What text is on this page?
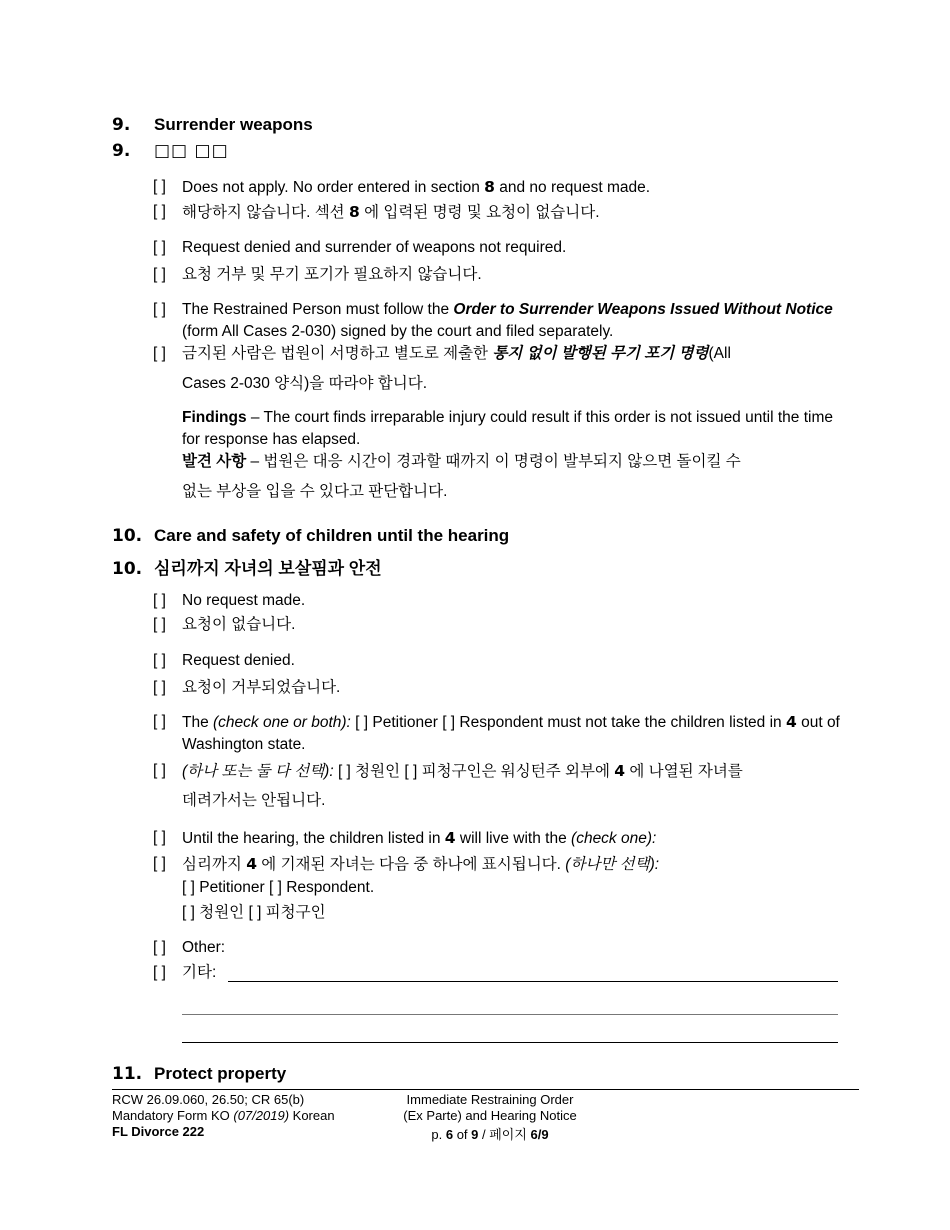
9. Surrender weapons
9. □□ □□
[ ] Does not apply. No order entered in section 8 and no request made.
[ ] 해당하지 않습니다. 섹션 8 에 입력된 명령 및 요청이 없습니다.
[ ] Request denied and surrender of weapons not required.
[ ] 요청 거부 및 무기 포기가 필요하지 않습니다.
[ ] The Restrained Person must follow the Order to Surrender Weapons Issued Without Notice (form All Cases 2-030) signed by the court and filed separately.
[ ] 금지된 사람은 법원이 서명하고 별도로 제출한 통지 없이 발행된 무기 포기 명령(All
Cases 2-030 양식)을 따라야 합니다.
Findings – The court finds irreparable injury could result if this order is not issued until the time for response has elapsed.
발견 사항 – 법원은 대응 시간이 경과할 때까지 이 명령이 발부되지 않으면 돌이킬 수
없는 부상을 입을 수 있다고 판단합니다.
10. Care and safety of children until the hearing
10. 심리까지 자녀의 보살핌과 안전
[ ] No request made.
[ ] 요청이 없습니다.
[ ] Request denied.
[ ] 요청이 거부되었습니다.
[ ] The (check one or both): [ ] Petitioner [ ] Respondent must not take the children listed in 4 out of Washington state.
[ ] (하나 또는 둘 다 선택): [ ] 청원인 [ ] 피청구인은 워싱턴주 외부에 4 에 나열된 자녀를
데려가서는 안됩니다.
[ ] Until the hearing, the children listed in 4 will live with the (check one):
[ ] 심리까지 4 에 기재된 자녀는 다음 중 하나에 표시됩니다. (하나만 선택):
[ ] Petitioner [ ] Respondent.
[ ] 청원인 [ ] 피청구인
[ ] Other:
[ ] 기타:
11. Protect property
RCW 26.09.060, 26.50; CR 65(b)
Mandatory Form KO (07/2019) Korean
FL Divorce 222
Immediate Restraining Order
(Ex Parte) and Hearing Notice
p. 6 of 9 / 페이지 6/9
